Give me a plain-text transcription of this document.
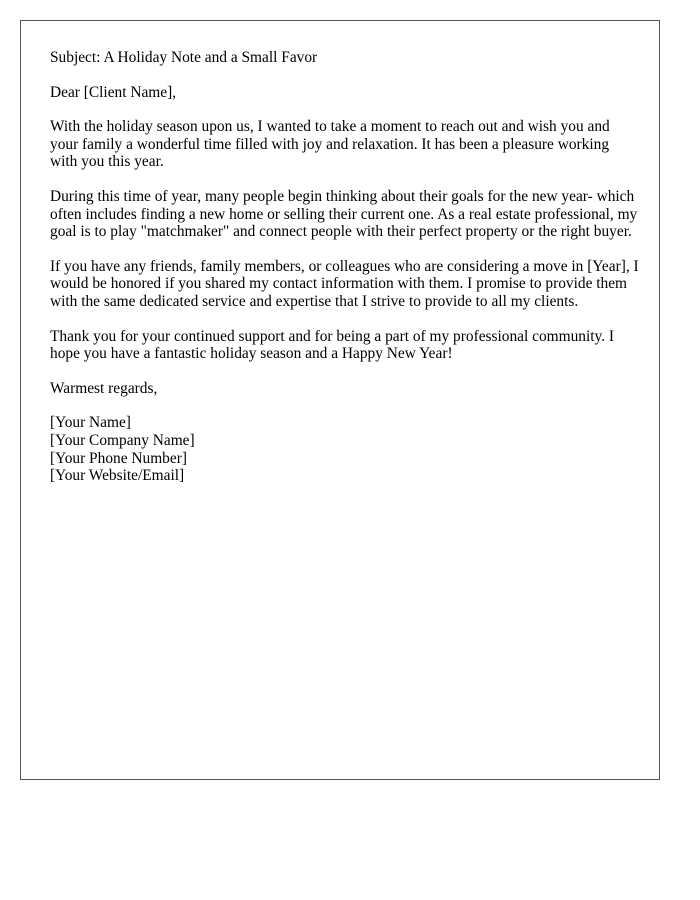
Subject: A Holiday Note and a Small Favor

Dear [Client Name],

With the holiday season upon us, I wanted to take a moment to reach out and wish you and your family a wonderful time filled with joy and relaxation. It has been a pleasure working with you this year.

During this time of year, many people begin thinking about their goals for the new year- which often includes finding a new home or selling their current one. As a real estate professional, my goal is to play "matchmaker" and connect people with their perfect property or the right buyer.

If you have any friends, family members, or colleagues who are considering a move in [Year], I would be honored if you shared my contact information with them. I promise to provide them with the same dedicated service and expertise that I strive to provide to all my clients.

Thank you for your continued support and for being a part of my professional community. I hope you have a fantastic holiday season and a Happy New Year!

Warmest regards,

[Your Name]
[Your Company Name]
[Your Phone Number]
[Your Website/Email]
